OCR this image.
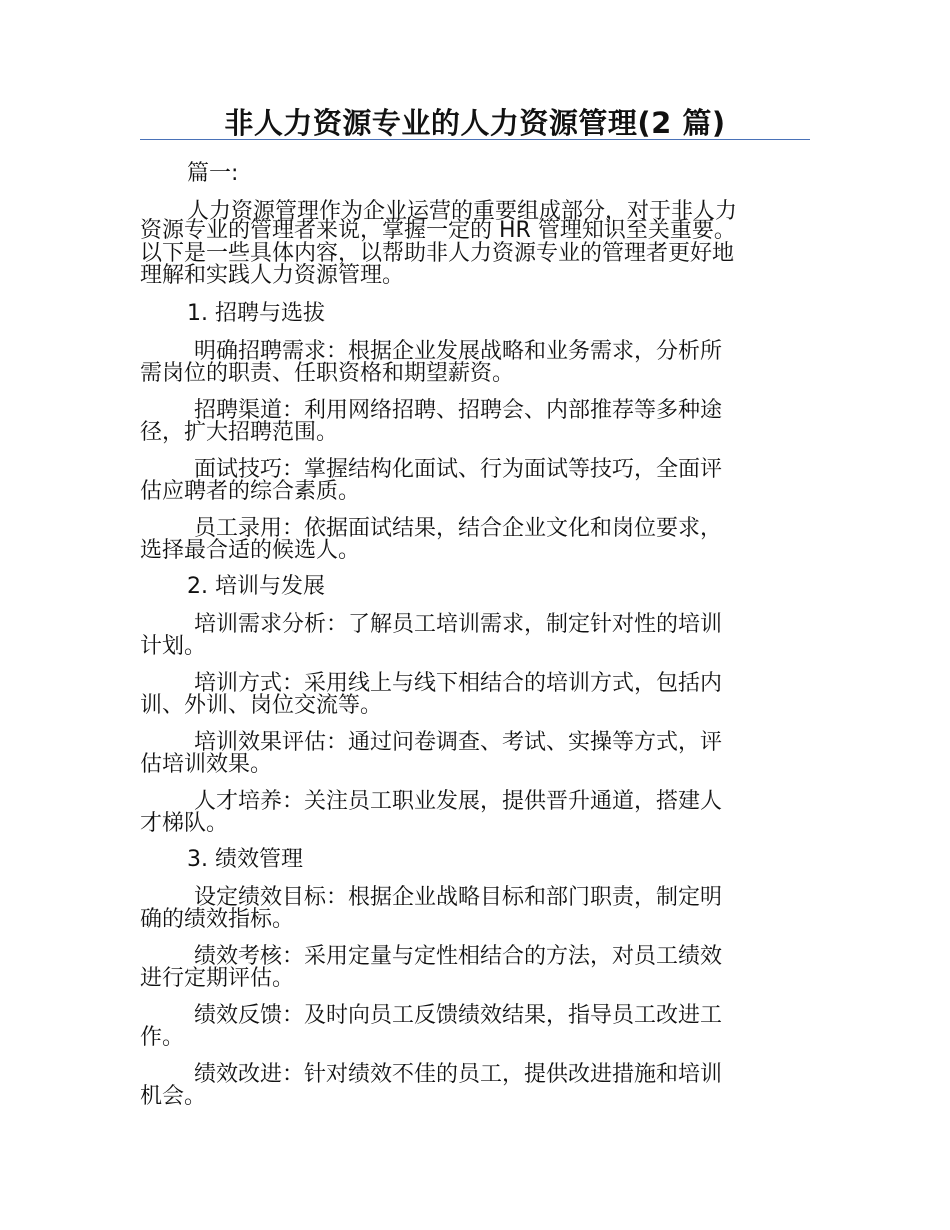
非人力资源专业的人力资源管理(2 篇)

篇一:

人力资源管理作为企业运营的重要组成部分，对于非人力

资源专业的管理者来说，掌握一定的 HR 管理知识至关重要。

以下是一些具体内容，以帮助非人力资源专业的管理者更好地

理解和实践人力资源管理。

1. 招聘与选拔

明确招聘需求：根据企业发展战略和业务需求，分析所

需岗位的职责、任职资格和期望薪资。

招聘渠道：利用网络招聘、招聘会、内部推荐等多种途

径，扩大招聘范围。

面试技巧：掌握结构化面试、行为面试等技巧，全面评

估应聘者的综合素质。

员工录用：依据面试结果，结合企业文化和岗位要求，

选择最合适的候选人。

2. 培训与发展

培训需求分析：了解员工培训需求，制定针对性的培训

计划。

培训方式：采用线上与线下相结合的培训方式，包括内

训、外训、岗位交流等。

培训效果评估：通过问卷调查、考试、实操等方式，评

估培训效果。

人才培养：关注员工职业发展，提供晋升通道，搭建人

才梯队。

3. 绩效管理

设定绩效目标：根据企业战略目标和部门职责，制定明

确的绩效指标。

绩效考核：采用定量与定性相结合的方法，对员工绩效

进行定期评估。

绩效反馈：及时向员工反馈绩效结果，指导员工改进工

作。

绩效改进：针对绩效不佳的员工，提供改进措施和培训

机会。
